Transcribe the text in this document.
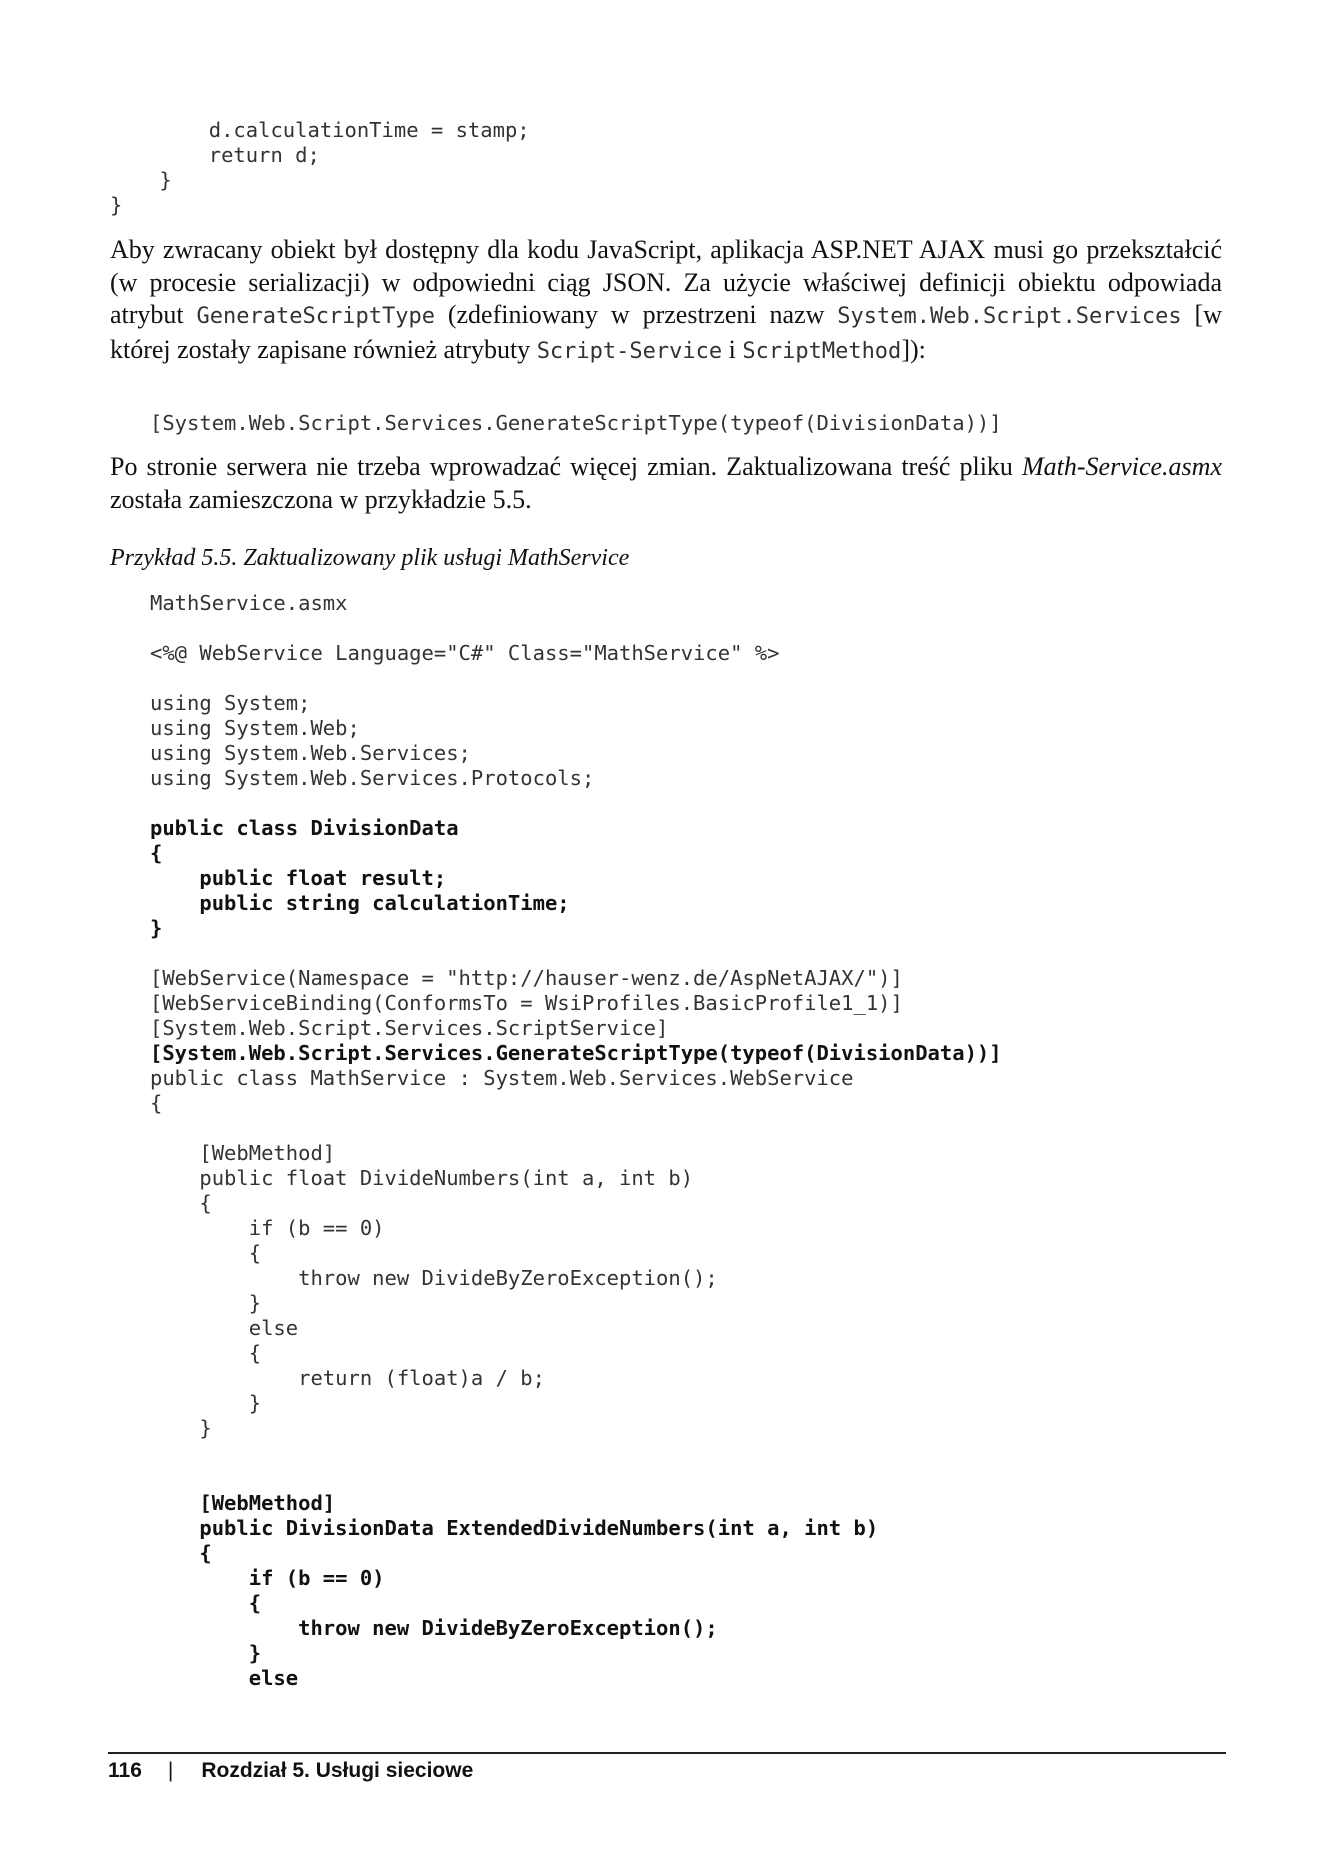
d.calculationTime = stamp;
return d;
}
}

Aby zwracany obiekt był dostępny dla kodu JavaScript, aplikacja ASP.NET AJAX musi go przekształcić (w procesie serializacji) w odpowiedni ciąg JSON. Za użycie właściwej definicji obiektu odpowiada atrybut GenerateScriptType (zdefiniowany w przestrzeni nazw System.Web.Script.Services [w której zostały zapisane również atrybuty Script-Service i ScriptMethod]):

[System.Web.Script.Services.GenerateScriptType(typeof(DivisionData))]

Po stronie serwera nie trzeba wprowadzać więcej zmian. Zaktualizowana treść pliku Math-Service.asmx została zamieszczona w przykładzie 5.5.

Przykład 5.5. Zaktualizowany plik usługi MathService

MathService.asmx

<%@ WebService Language="C#" Class="MathService" %>

using System;
using System.Web;
using System.Web.Services;
using System.Web.Services.Protocols;

public class DivisionData
{
public float result;
public string calculationTime;
}

[WebService(Namespace = "http://hauser-wenz.de/AspNetAJAX/")]
[WebServiceBinding(ConformsTo = WsiProfiles.BasicProfile1_1)]
[System.Web.Script.Services.ScriptService]
[System.Web.Script.Services.GenerateScriptType(typeof(DivisionData))]
public class MathService : System.Web.Services.WebService
{

[WebMethod]
public float DivideNumbers(int a, int b)
{
if (b == 0)
{
throw new DivideByZeroException();
}
else
{
return (float)a / b;
}
}

[WebMethod]
public DivisionData ExtendedDivideNumbers(int a, int b)
{
if (b == 0)
{
throw new DivideByZeroException();
}
else
116 | Rozdział 5. Usługi sieciowe
